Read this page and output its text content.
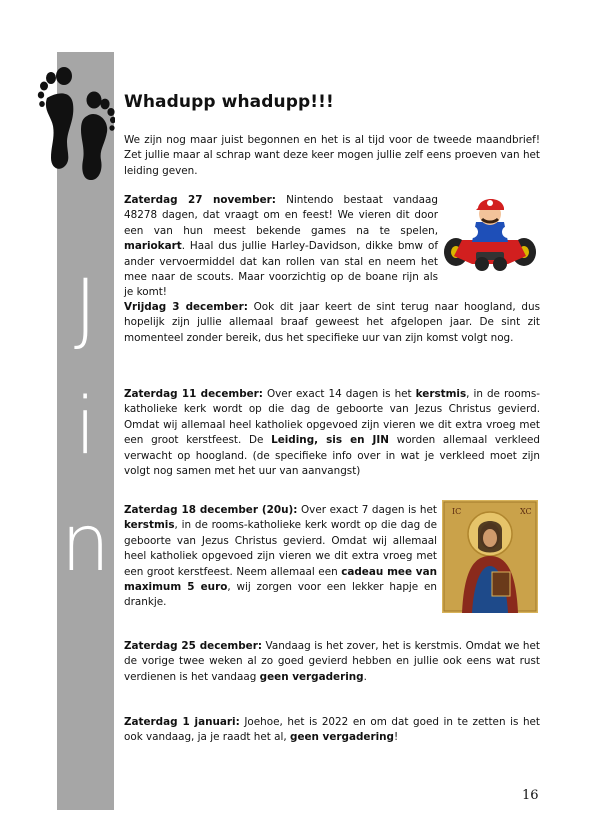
J
i
n
Whadupp whadupp!!!

We zijn nog maar juist begonnen en het is al tijd voor de tweede maandbrief! Zet jullie maar al schrap want deze keer mogen jullie zelf eens proeven van het leiding geven.

Zaterdag 27 november: Nintendo bestaat vandaag 48278 dagen, dat vraagt om en feest! We vieren dit door een van hun meest bekende games na te spelen, mariokart. Haal dus jullie Harley-Davidson, dikke bmw of ander vervoermiddel dat kan rollen van stal en neem het mee naar de scouts. Maar voorzichtig op de boane rijn als je komt!

Vrijdag 3 december: Ook dit jaar keert de sint terug naar hoogland, dus hopelijk zijn jullie allemaal braaf geweest het afgelopen jaar. De sint zit momenteel zonder bereik, dus het specifieke uur van zijn komst volgt nog.

Zaterdag 11 december: Over exact 14 dagen is het kerstmis, in de rooms-katholieke kerk wordt op die dag de geboorte van Jezus Christus gevierd. Omdat wij allemaal heel katholiek opgevoed zijn vieren we dit extra vroeg met een groot kerstfeest. De Leiding, sis en JIN worden allemaal verkleed verwacht op hoogland. (de specifieke info over in wat je verkleed moet zijn volgt nog samen met het uur van aanvangst)

Zaterdag 18 december (20u): Over exact 7 dagen is het kerstmis, in de rooms-katholieke kerk wordt op die dag de geboorte van Jezus Christus gevierd. Omdat wij allemaal heel katholiek opgevoed zijn vieren we dit extra vroeg met een groot kerstfeest. Neem allemaal een cadeau mee van maximum 5 euro, wij zorgen voor een lekker hapje en drankje.

IC	XC

Zaterdag 25 december: Vandaag is het zover, het is kerstmis. Omdat we het de vorige twee weken al zo goed gevierd hebben en jullie ook eens wat rust verdienen is het vandaag geen vergadering.

Zaterdag 1 januari: Joehoe, het is 2022 en om dat goed in te zetten is het ook vandaag, ja je raadt het al, geen vergadering!

16
